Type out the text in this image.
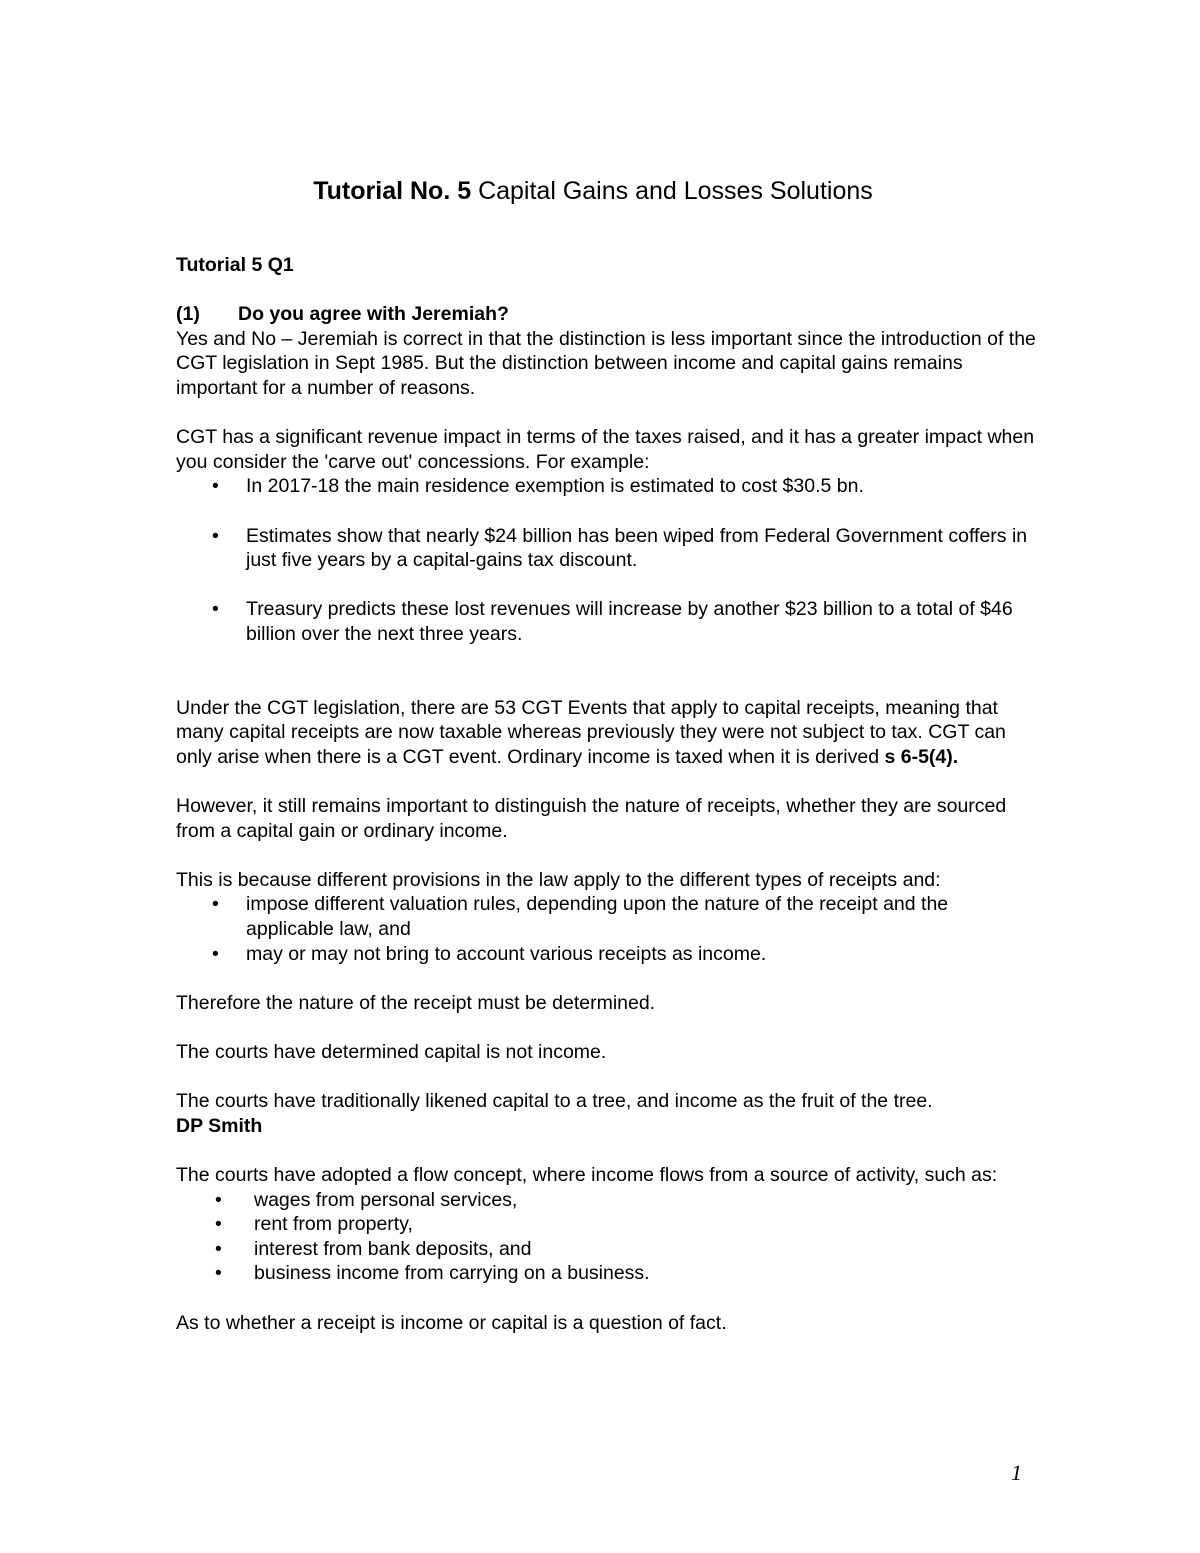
Tutorial No. 5 Capital Gains and Losses Solutions

Tutorial 5 Q1

(1)	Do you agree with Jeremiah?

Yes and No – Jeremiah is correct in that the distinction is less important since the introduction of the CGT legislation in Sept 1985. But the distinction between income and capital gains remains important for a number of reasons.

CGT has a significant revenue impact in terms of the taxes raised, and it has a greater impact when you consider the 'carve out' concessions. For example:

• In 2017-18 the main residence exemption is estimated to cost $30.5 bn.
• Estimates show that nearly $24 billion has been wiped from Federal Government coffers in just five years by a capital-gains tax discount.
• Treasury predicts these lost revenues will increase by another $23 billion to a total of $46 billion over the next three years.

Under the CGT legislation, there are 53 CGT Events that apply to capital receipts, meaning that many capital receipts are now taxable whereas previously they were not subject to tax. CGT can only arise when there is a CGT event. Ordinary income is taxed when it is derived s 6-5(4).

However, it still remains important to distinguish the nature of receipts, whether they are sourced from a capital gain or ordinary income.

This is because different provisions in the law apply to the different types of receipts and:

• impose different valuation rules, depending upon the nature of the receipt and the applicable law, and
• may or may not bring to account various receipts as income.

Therefore the nature of the receipt must be determined.

The courts have determined capital is not income.

The courts have traditionally likened capital to a tree, and income as the fruit of the tree.

DP Smith

The courts have adopted a flow concept, where income flows from a source of activity, such as:

• wages from personal services,
• rent from property,
• interest from bank deposits, and
• business income from carrying on a business.

As to whether a receipt is income or capital is a question of fact.

1
